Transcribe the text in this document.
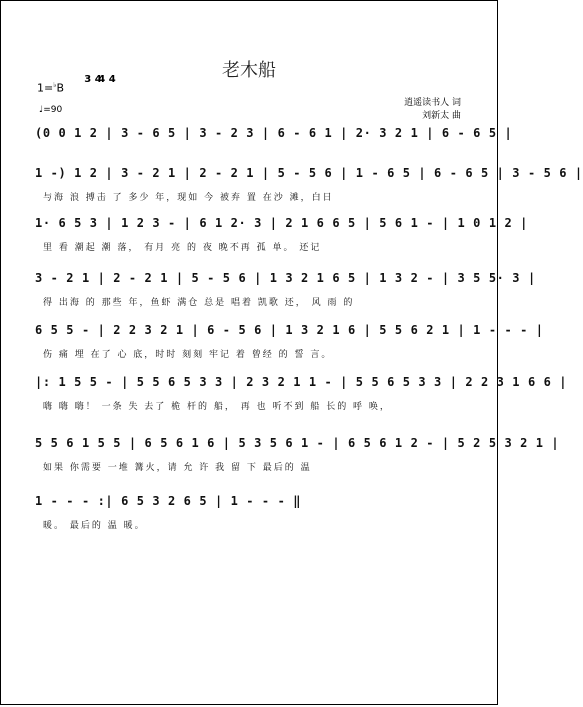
老木船
1=♭B
3 4
4 4
♩=90
逍遥读书人 词
刘新太 曲
(0 0 1 2 | 3 - 6 5 | 3 - 2 3 | 6 - 6 1 | 2· 3 2 1 | 6 - 6 5 |
1 -) 1 2 | 3 - 2 1 | 2 - 2 1 | 5 - 5 6 | 1 - 6 5 | 6 - 6 5 | 3 - 5 6 |
与海 浪 搏击 了 多少 年，现如 今 被弃 置 在沙 滩，白日
1· 6 5 3 | 1 2 3 - | 6 1 2· 3 | 2 1 6 6 5 | 5 6 1 - | 1 0 1 2 |
里 看 潮起 潮 落， 有月 亮 的 夜 晚不再 孤 单。 还记
3 - 2 1 | 2 - 2 1 | 5 - 5 6 | 1 3 2 1 6 5 | 1 3 2 - | 3 5 5· 3 |
得 出海 的 那些 年，鱼虾 满仓 总是 唱着 凯歌 还， 风 雨 的
6 5 5 - | 2 2 3 2 1 | 6 - 5 6 | 1 3 2 1 6 | 5 5 6 2 1 | 1 - - - |
伤 痛 埋 在了 心 底，时时 刻刻 牢记 着 曾经 的 誓 言。
|: 1 5 5 - | 5 5 6 5 3 3 | 2 3 2 1 1 - | 5 5 6 5 3 3 | 2 2 3 1 6 6 |
嗨 嗨 嗨！ 一条 失 去了 桅 杆的 船， 再 也 听不到 船 长的 呼 唤，
5 5 6 1 5 5 | 6 5 6 1 6 | 5 3 5 6 1 - | 6 5 6 1 2 - | 5 2 5 3 2 1 |
如果 你需要 一堆 篝火，请 允 许 我 留 下 最后的 温
1 - - - :| 6 5 3 2 6 5 | 1 - - - ‖
暖。 最后的 温 暖。
